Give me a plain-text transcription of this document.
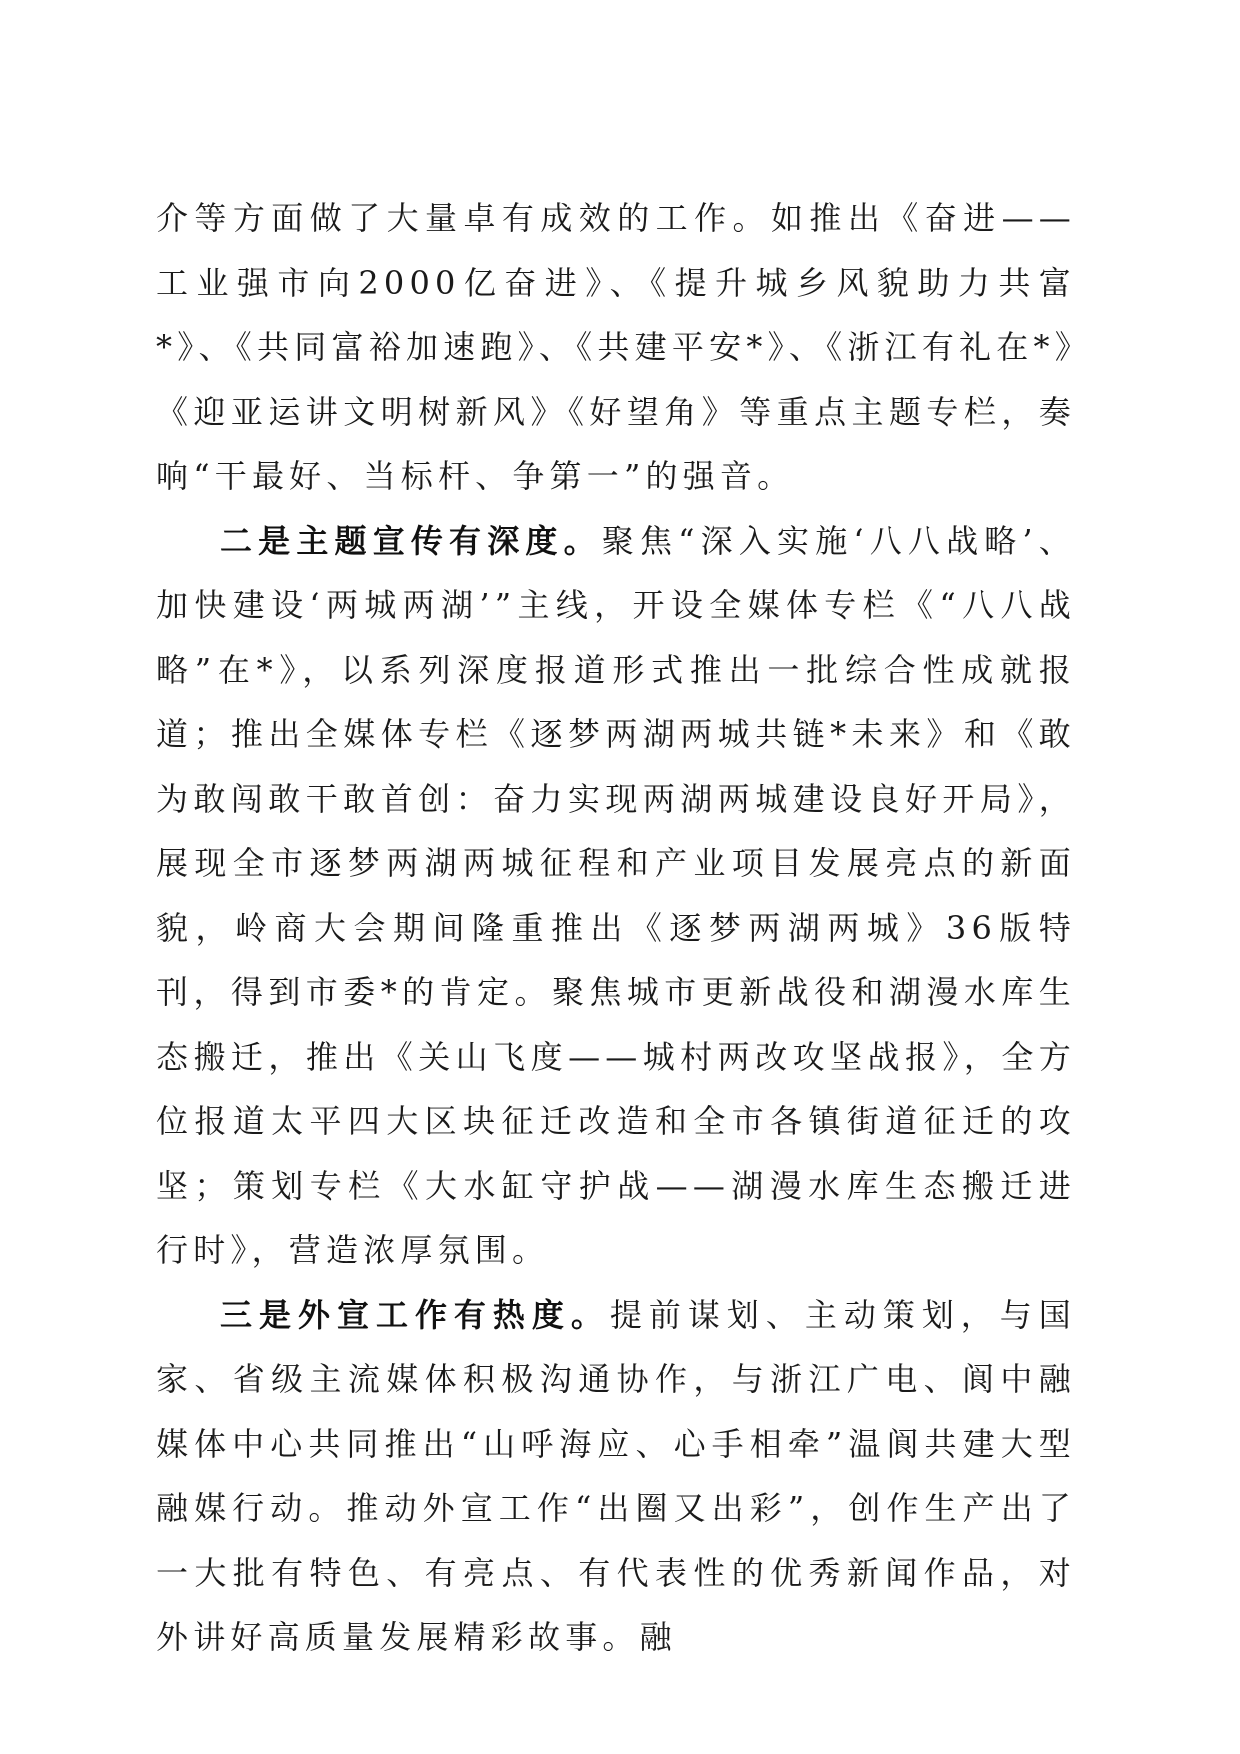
介等方面做了大量卓有成效的工作。如推出《奋进——工业强市向2000亿奋进》、《提升城乡风貌助力共富*》、《共同富裕加速跑》、《共建平安*》、《浙江有礼在*》《迎亚运讲文明树新风》《好望角》等重点主题专栏，奏响“干最好、当标杆、争第一”的强音。

二是主题宣传有深度。聚焦“深入实施‘八八战略’、加快建设‘两城两湖’”主线，开设全媒体专栏《“八八战略”在*》，以系列深度报道形式推出一批综合性成就报道；推出全媒体专栏《逐梦两湖两城共链*未来》和《敢为敢闯敢干敢首创：奋力实现两湖两城建设良好开局》，展现全市逐梦两湖两城征程和产业项目发展亮点的新面貌，岭商大会期间隆重推出《逐梦两湖两城》36版特刊，得到市委*的肯定。聚焦城市更新战役和湖漫水库生态搬迁，推出《关山飞度——城村两改攻坚战报》，全方位报道太平四大区块征迁改造和全市各镇街道征迁的攻坚；策划专栏《大水缸守护战——湖漫水库生态搬迁进行时》，营造浓厚氛围。

三是外宣工作有热度。提前谋划、主动策划，与国家、省级主流媒体积极沟通协作，与浙江广电、阆中融媒体中心共同推出“山呼海应、心手相牵”温阆共建大型融媒行动。推动外宣工作“出圈又出彩”，创作生产出了一大批有特色、有亮点、有代表性的优秀新闻作品，对外讲好高质量发展精彩故事。融
